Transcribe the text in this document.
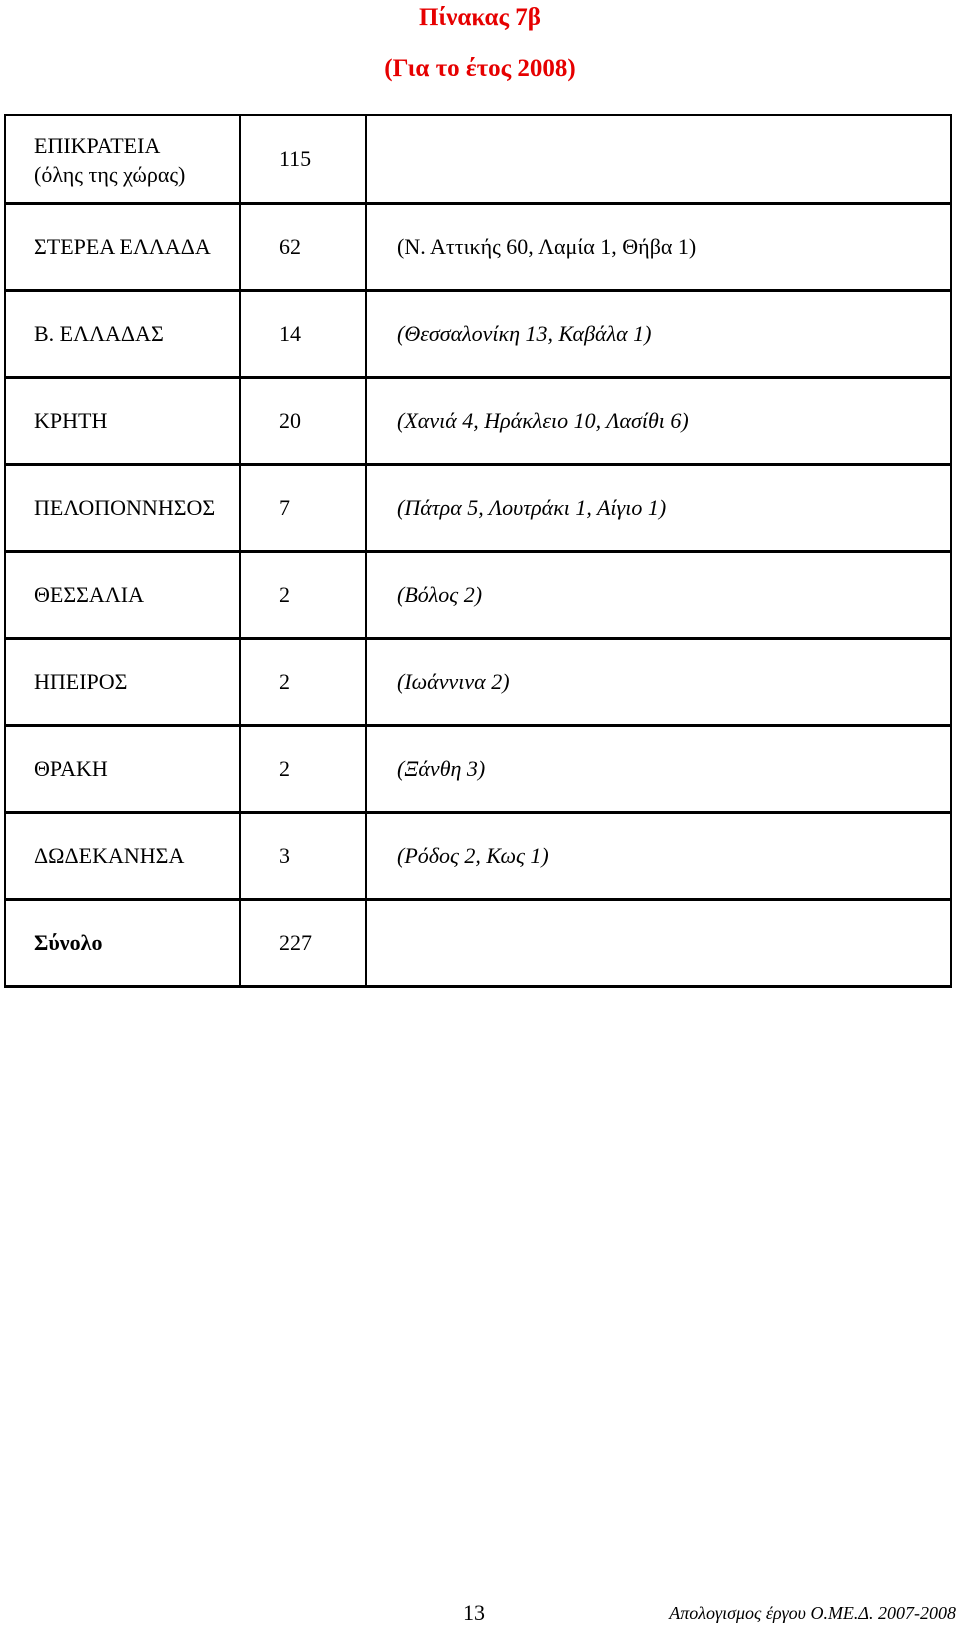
Πίνακας 7β
(Για το έτος 2008)
ΕΠΙΚΡΑΤΕΙΑ
(όλης της χώρας)	115	
ΣΤΕΡΕΑ ΕΛΛΑΔΑ	62	(Ν. Αττικής 60, Λαμία 1, Θήβα 1)
Β. ΕΛΛΑΔΑΣ	14	(Θεσσαλονίκη 13, Καβάλα 1)
ΚΡΗΤΗ	20	(Χανιά 4, Ηράκλειο 10, Λασίθι 6)
ΠΕΛΟΠΟΝΝΗΣΟΣ	7	(Πάτρα 5, Λουτράκι 1, Αίγιο 1)
ΘΕΣΣΑΛΙΑ	2	(Βόλος 2)
ΗΠΕΙΡΟΣ	2	(Ιωάννινα 2)
ΘΡΑΚΗ	2	(Ξάνθη 3)
ΔΩΔΕΚΑΝΗΣΑ	3	(Ρόδος 2, Κως 1)
Σύνολο	227	
13	Απολογισμος έργου Ο.ΜΕ.Δ. 2007-2008
